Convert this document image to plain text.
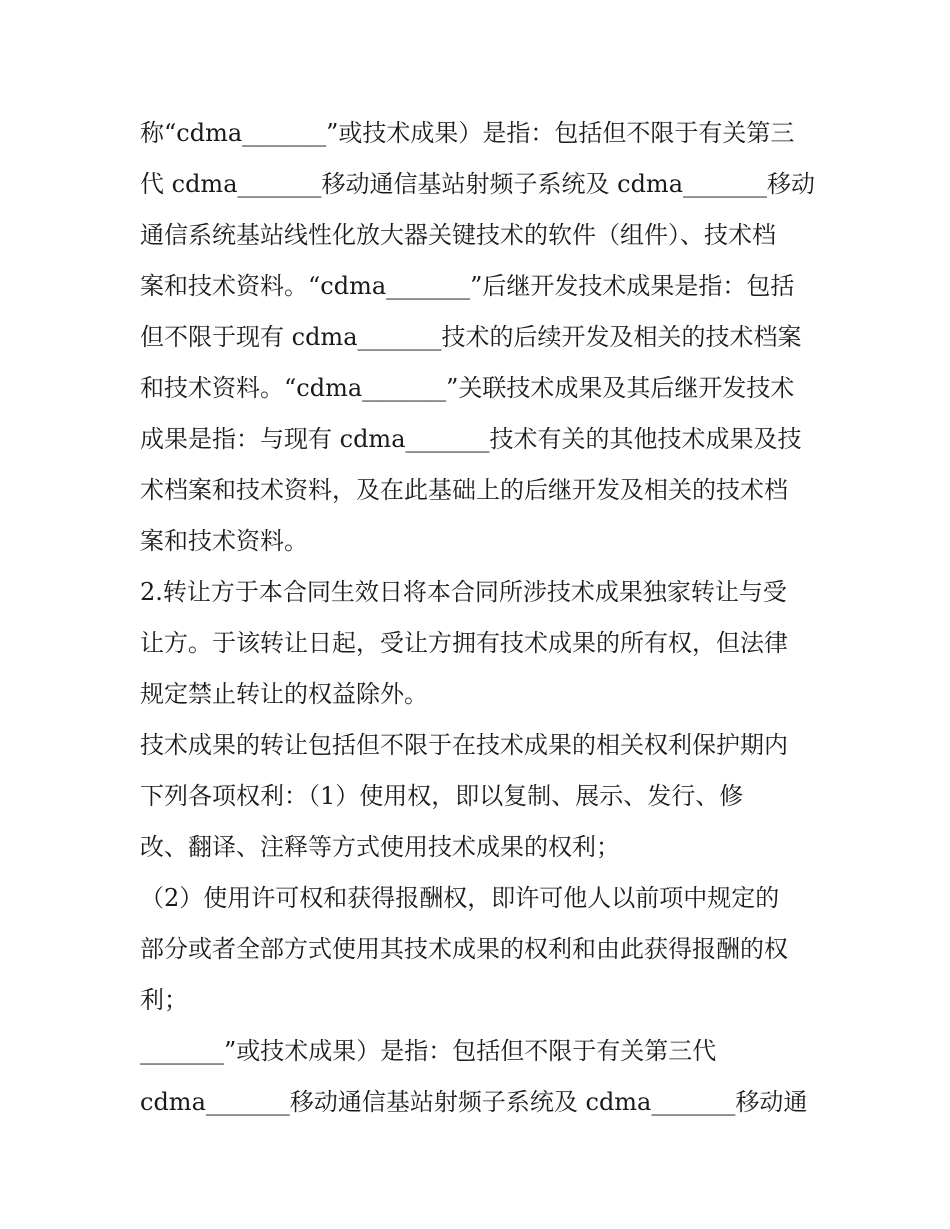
称“cdma_______”或技术成果）是指：包括但不限于有关第三
代 cdma_______移动通信基站射频子系统及 cdma_______移动
通信系统基站线性化放大器关键技术的软件（组件）、技术档
案和技术资料。“cdma_______”后继开发技术成果是指：包括
但不限于现有 cdma_______技术的后续开发及相关的技术档案
和技术资料。“cdma_______”关联技术成果及其后继开发技术
成果是指：与现有 cdma_______技术有关的其他技术成果及技
术档案和技术资料，及在此基础上的后继开发及相关的技术档
案和技术资料。
2.转让方于本合同生效日将本合同所涉技术成果独家转让与受
让方。于该转让日起，受让方拥有技术成果的所有权，但法律
规定禁止转让的权益除外。
技术成果的转让包括但不限于在技术成果的相关权利保护期内
下列各项权利：（1）使用权，即以复制、展示、发行、修
改、翻译、注释等方式使用技术成果的权利；
（2）使用许可权和获得报酬权，即许可他人以前项中规定的
部分或者全部方式使用其技术成果的权利和由此获得报酬的权
利；
_______”或技术成果）是指：包括但不限于有关第三代
cdma_______移动通信基站射频子系统及 cdma_______移动通
